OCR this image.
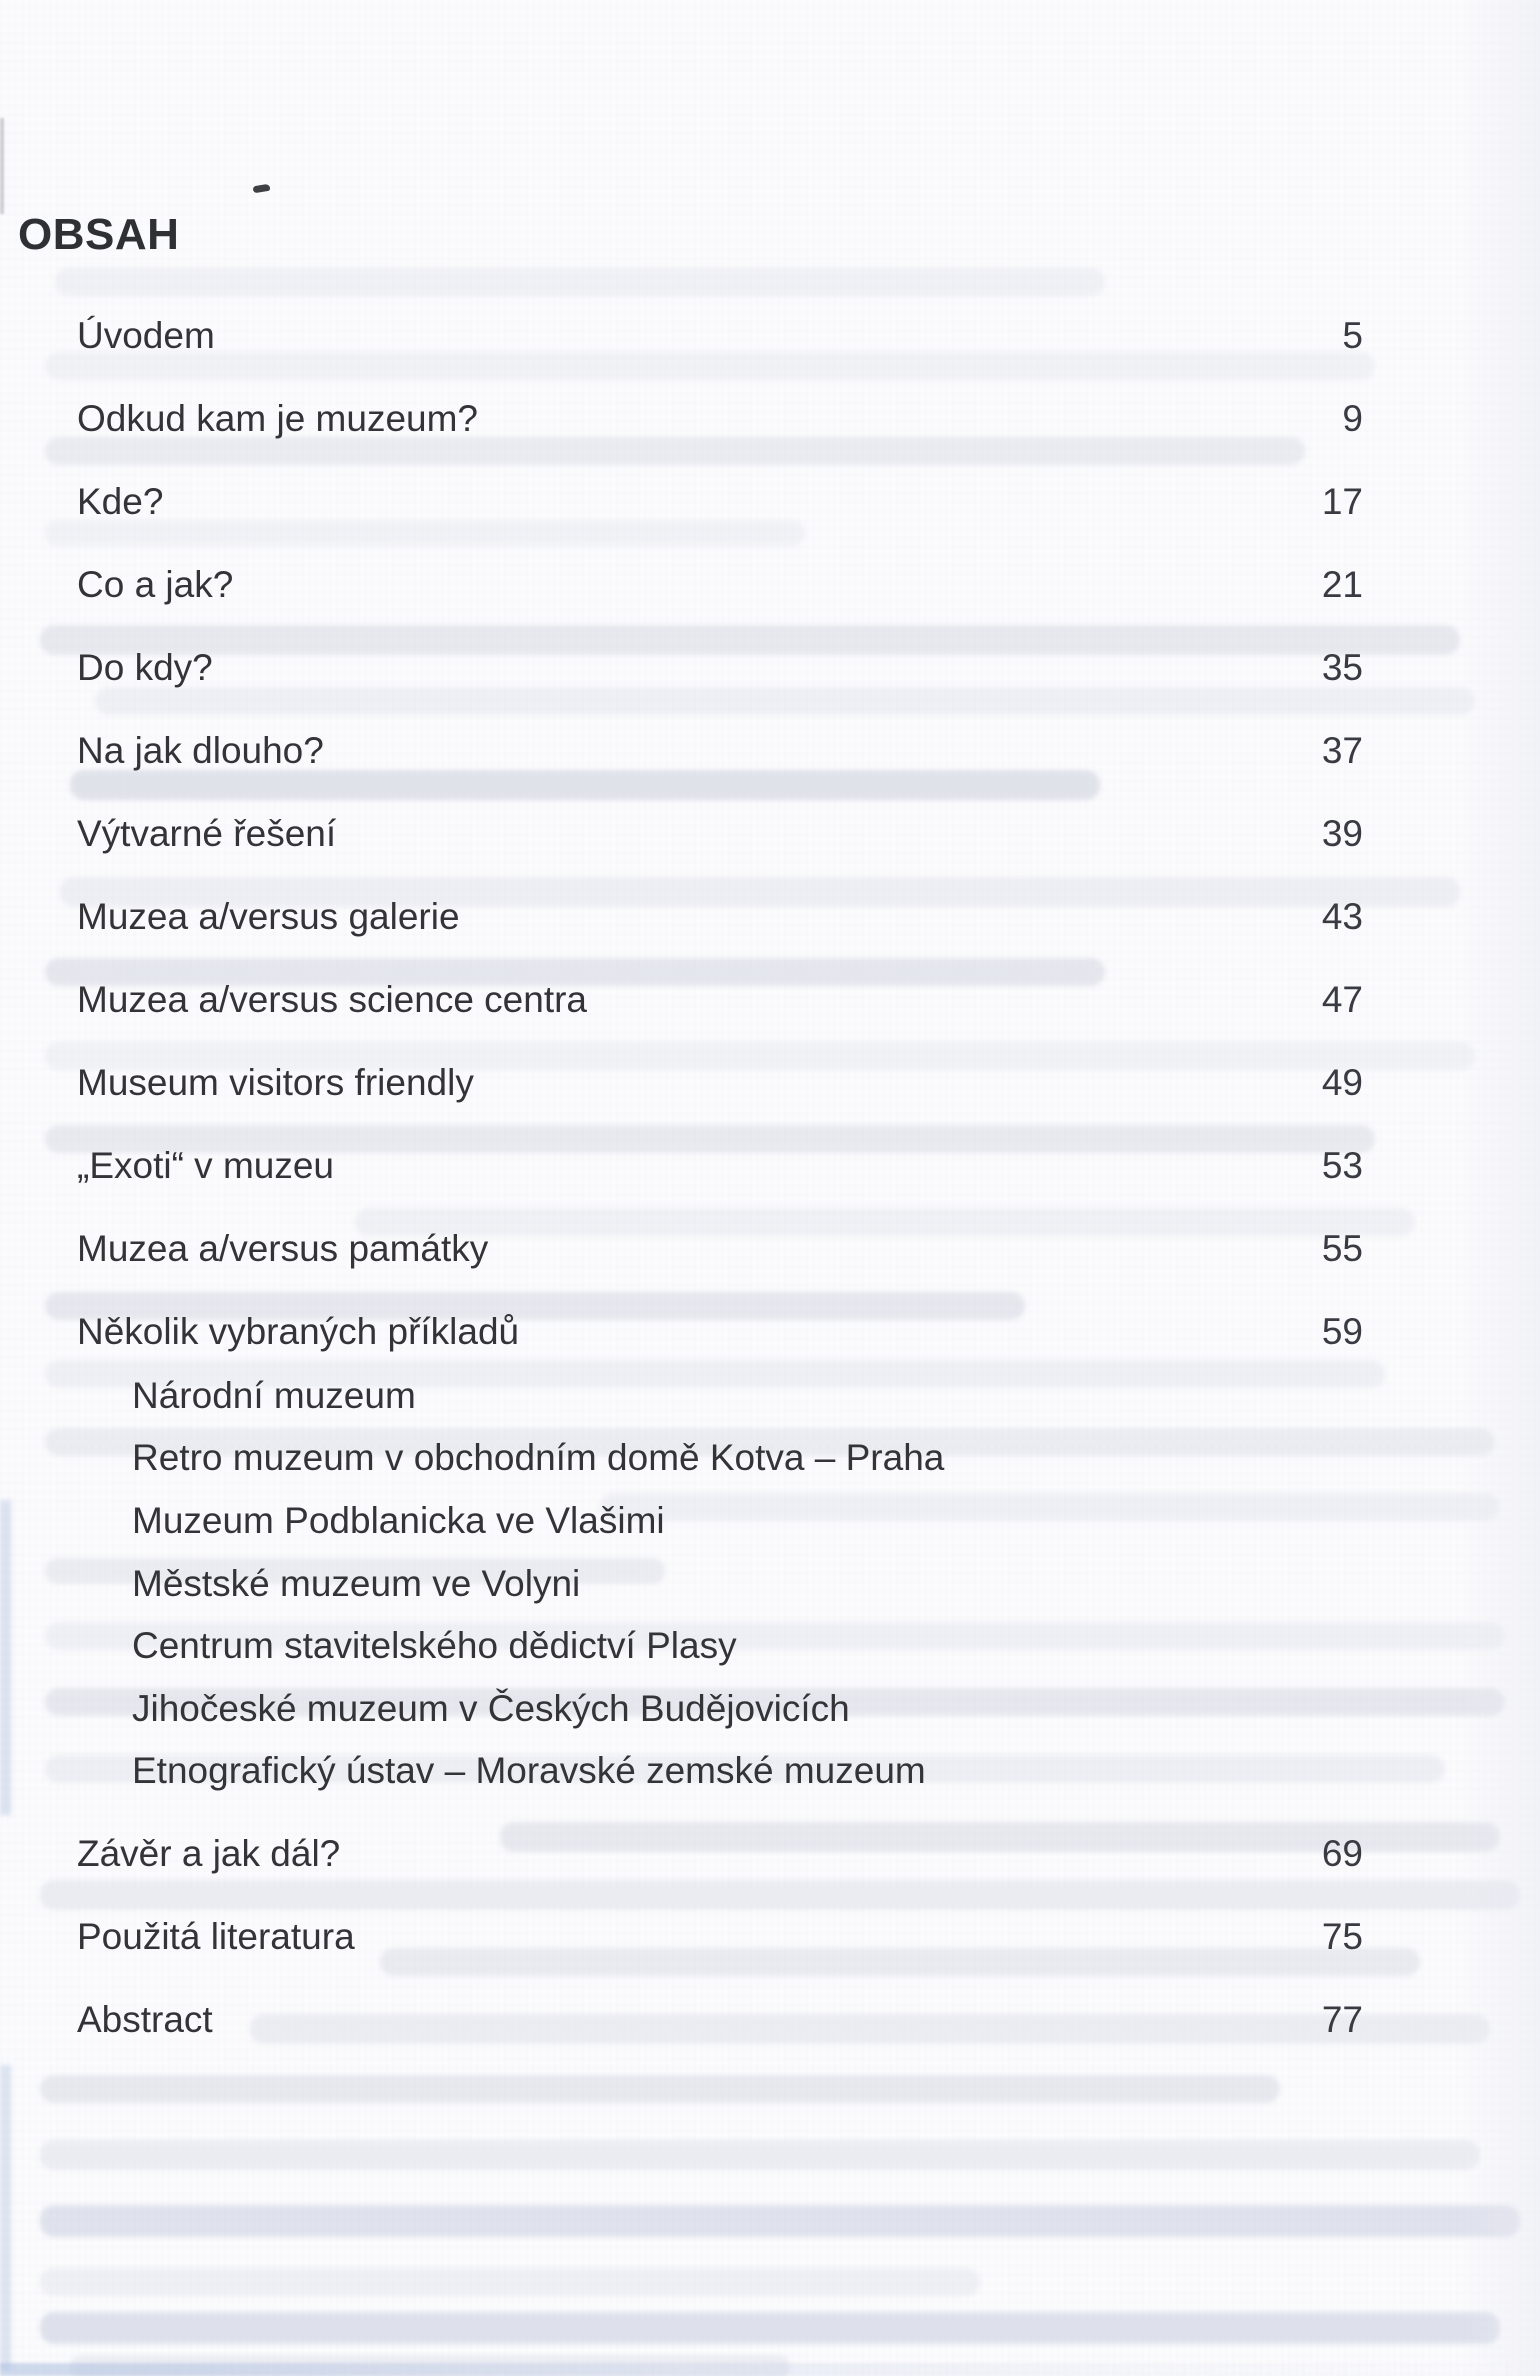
OBSAH
Úvodem	5
Odkud kam je muzeum?	9
Kde?	17
Co a jak?	21
Do kdy?	35
Na jak dlouho?	37
Výtvarné řešení	39
Muzea a/versus galerie	43
Muzea a/versus science centra	47
Museum visitors friendly	49
„Exoti“ v muzeu	53
Muzea a/versus památky	55
Několik vybraných příkladů	59
Národní muzeum
Retro muzeum v obchodním domě Kotva – Praha
Muzeum Podblanicka ve Vlašimi
Městské muzeum ve Volyni
Centrum stavitelského dědictví Plasy
Jihočeské muzeum v Českých Budějovicích
Etnografický ústav – Moravské zemské muzeum
Závěr a jak dál?	69
Použitá literatura	75
Abstract	77
